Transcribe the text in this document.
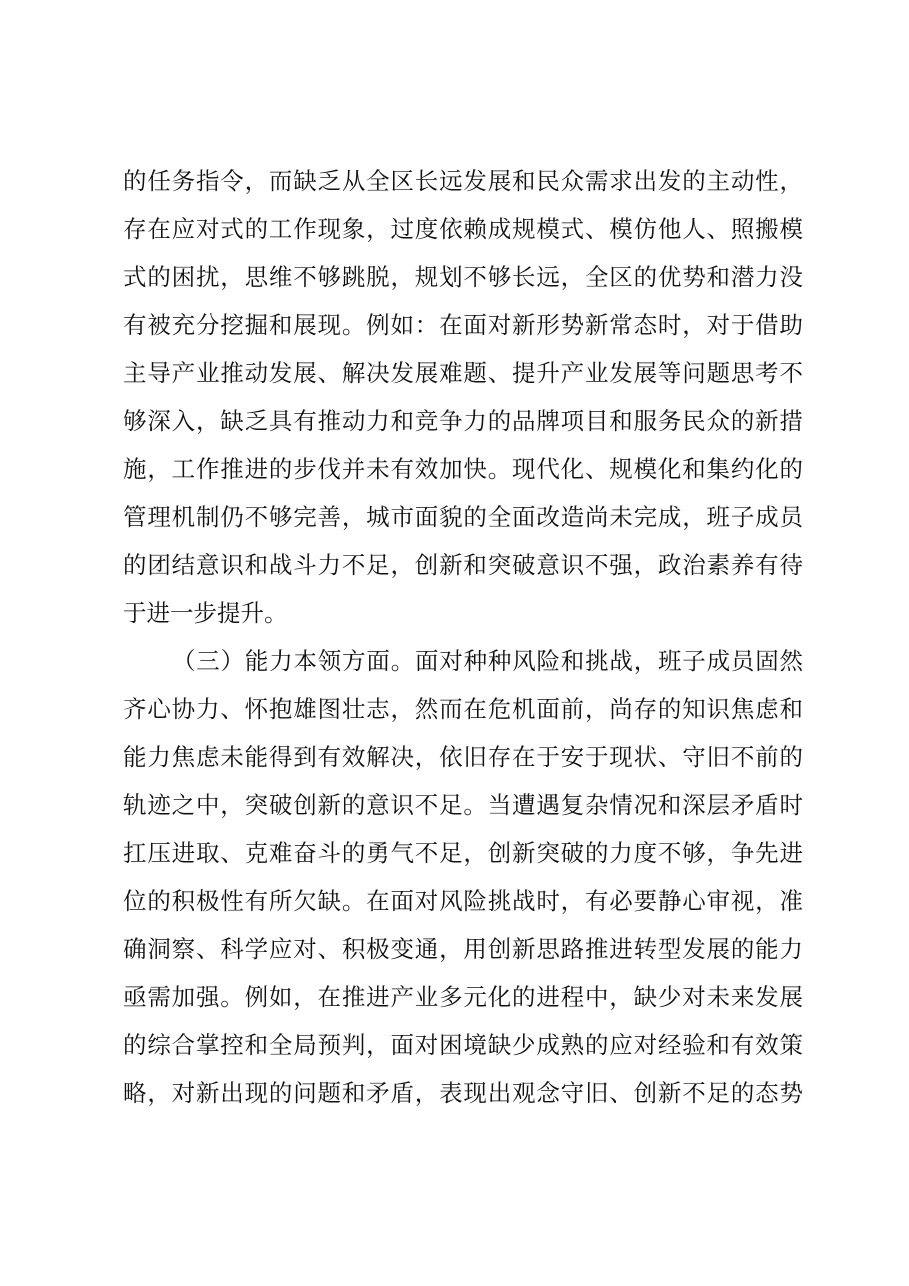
的任务指令，而缺乏从全区长远发展和民众需求出发的主动性，
存在应对式的工作现象，过度依赖成规模式、模仿他人、照搬模
式的困扰，思维不够跳脱，规划不够长远，全区的优势和潜力没
有被充分挖掘和展现。例如：在面对新形势新常态时，对于借助
主导产业推动发展、解决发展难题、提升产业发展等问题思考不
够深入，缺乏具有推动力和竞争力的品牌项目和服务民众的新措
施，工作推进的步伐并未有效加快。现代化、规模化和集约化的
管理机制仍不够完善，城市面貌的全面改造尚未完成，班子成员
的团结意识和战斗力不足，创新和突破意识不强，政治素养有待
于进一步提升。
（三）能力本领方面。面对种种风险和挑战，班子成员固然
齐心协力、怀抱雄图壮志，然而在危机面前，尚存的知识焦虑和
能力焦虑未能得到有效解决，依旧存在于安于现状、守旧不前的
轨迹之中，突破创新的意识不足。当遭遇复杂情况和深层矛盾时
扛压进取、克难奋斗的勇气不足，创新突破的力度不够，争先进
位的积极性有所欠缺。在面对风险挑战时，有必要静心审视，准
确洞察、科学应对、积极变通，用创新思路推进转型发展的能力
亟需加强。例如，在推进产业多元化的进程中，缺少对未来发展
的综合掌控和全局预判，面对困境缺少成熟的应对经验和有效策
略，对新出现的问题和矛盾，表现出观念守旧、创新不足的态势
